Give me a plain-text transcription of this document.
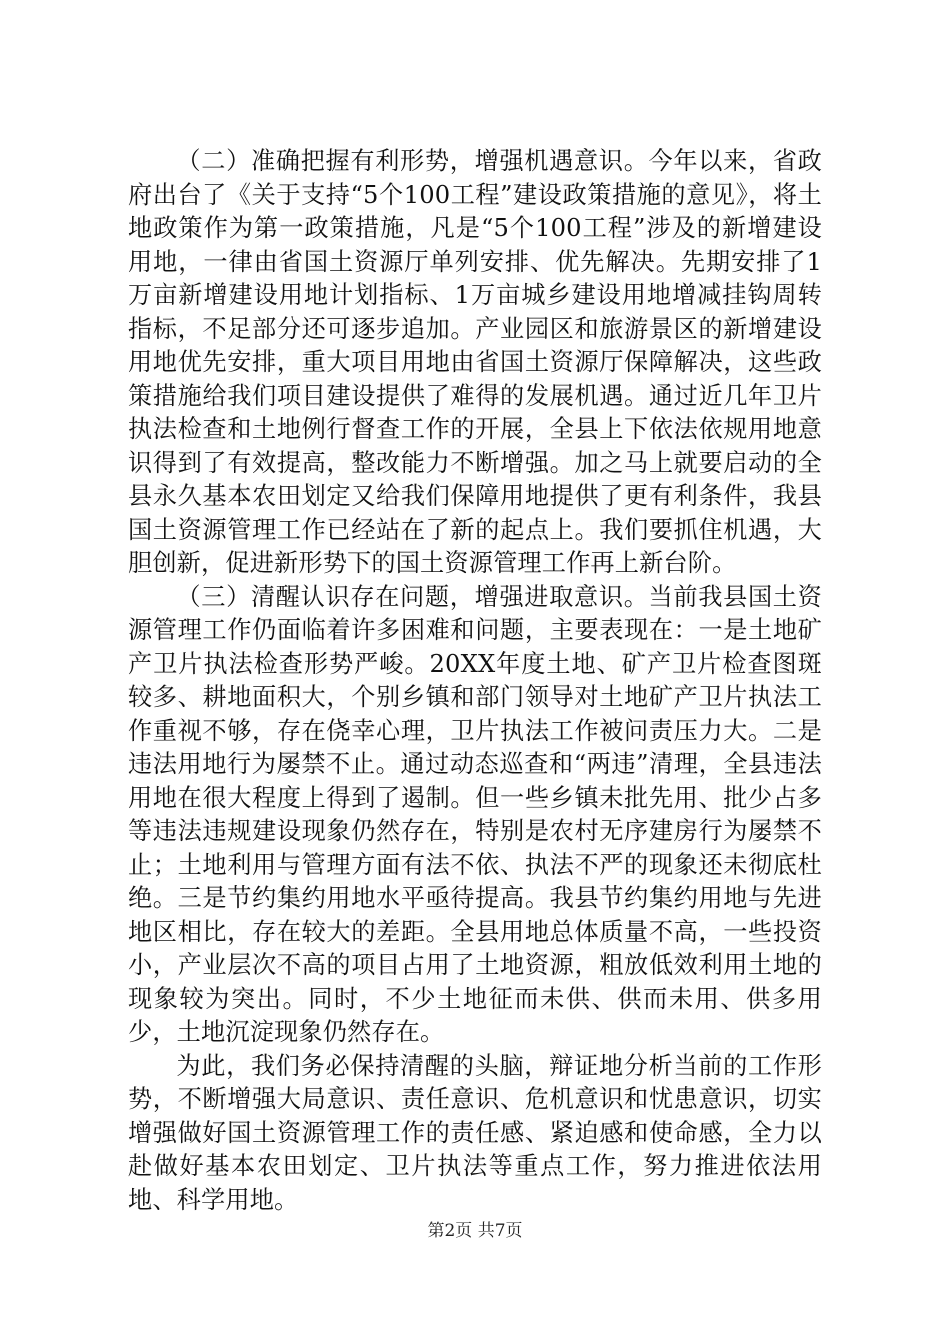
（二）准确把握有利形势，增强机遇意识。今年以来，省政府出台了《关于支持“5个100工程”建设政策措施的意见》，将土地政策作为第一政策措施，凡是“5个100工程”涉及的新增建设用地，一律由省国土资源厅单列安排、优先解决。先期安排了1万亩新增建设用地计划指标、1万亩城乡建设用地增减挂钩周转指标，不足部分还可逐步追加。产业园区和旅游景区的新增建设用地优先安排，重大项目用地由省国土资源厅保障解决，这些政策措施给我们项目建设提供了难得的发展机遇。通过近几年卫片执法检查和土地例行督查工作的开展，全县上下依法依规用地意识得到了有效提高，整改能力不断增强。加之马上就要启动的全县永久基本农田划定又给我们保障用地提供了更有利条件，我县国土资源管理工作已经站在了新的起点上。我们要抓住机遇，大胆创新，促进新形势下的国土资源管理工作再上新台阶。

（三）清醒认识存在问题，增强进取意识。当前我县国土资源管理工作仍面临着许多困难和问题，主要表现在：一是土地矿产卫片执法检查形势严峻。20XX年度土地、矿产卫片检查图斑较多、耕地面积大，个别乡镇和部门领导对土地矿产卫片执法工作重视不够，存在侥幸心理，卫片执法工作被问责压力大。二是违法用地行为屡禁不止。通过动态巡查和“两违”清理，全县违法用地在很大程度上得到了遏制。但一些乡镇未批先用、批少占多等违法违规建设现象仍然存在，特别是农村无序建房行为屡禁不止；土地利用与管理方面有法不依、执法不严的现象还未彻底杜绝。三是节约集约用地水平亟待提高。我县节约集约用地与先进地区相比，存在较大的差距。全县用地总体质量不高，一些投资小，产业层次不高的项目占用了土地资源，粗放低效利用土地的现象较为突出。同时，不少土地征而未供、供而未用、供多用少，土地沉淀现象仍然存在。

为此，我们务必保持清醒的头脑，辩证地分析当前的工作形势，不断增强大局意识、责任意识、危机意识和忧患意识，切实增强做好国土资源管理工作的责任感、紧迫感和使命感，全力以赴做好基本农田划定、卫片执法等重点工作，努力推进依法用地、科学用地。

第2页 共7页
